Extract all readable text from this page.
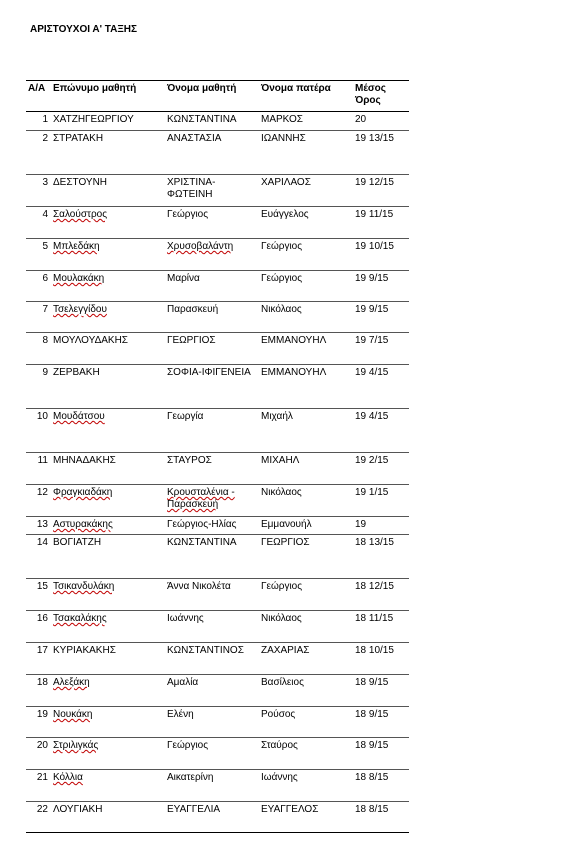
ΑΡΙΣΤΟΥΧΟΙ Α' ΤΑΞΗΣ
Α/Α	Επώνυμο μαθητή	Όνομα μαθητή	Όνομα πατέρα	Μέσος Όρος
1	ΧΑΤΖΗΓΕΩΡΓΙΟΥ	ΚΩΝΣΤΑΝΤΙΝΑ	ΜΑΡΚΟΣ	20
2	ΣΤΡΑΤΑΚΗ	ΑΝΑΣΤΑΣΙΑ	ΙΩΑΝΝΗΣ	19 13/15
3	ΔΕΣΤΟΥΝΗ	ΧΡΙΣΤΙΝΑ-ΦΩΤΕΙΝΗ	ΧΑΡΙΛΑΟΣ	19 12/15
4	Σαλούστρος	Γεώργιος	Ευάγγελος	19 11/15
5	Μπλεδάκη	Χρυσοβαλάντη	Γεώργιος	19 10/15
6	Μουλακάκη	Μαρίνα	Γεώργιος	19 9/15
7	Τσελεγγίδου	Παρασκευή	Νικόλαος	19 9/15
8	ΜΟΥΛΟΥΔΑΚΗΣ	ΓΕΩΡΓΙΟΣ	ΕΜΜΑΝΟΥΗΛ	19 7/15
9	ΖΕΡΒΑΚΗ	ΣΟΦΙΑ-ΙΦΙΓΕΝΕΙΑ	ΕΜΜΑΝΟΥΗΛ	19 4/15
10	Μουδάτσου	Γεωργία	Μιχαήλ	19 4/15
11	ΜΗΝΑΔΑΚΗΣ	ΣΤΑΥΡΟΣ	ΜΙΧΑΗΛ	19 2/15
12	Φραγκιαδάκη	Κρουσταλένια - Παρασκευή	Νικόλαος	19 1/15
13	Αστυρακάκης	Γεώργιος-Ηλίας	Εμμανουήλ	19
14	ΒΟΓΙΑΤΖΗ	ΚΩΝΣΤΑΝΤΙΝΑ	ΓΕΩΡΓΙΟΣ	18 13/15
15	Τσικανδυλάκη	Άννα Νικολέτα	Γεώργιος	18 12/15
16	Τσακαλάκης	Ιωάννης	Νικόλαος	18 11/15
17	ΚΥΡΙΑΚΑΚΗΣ	ΚΩΝΣΤΑΝΤΙΝΟΣ	ΖΑΧΑΡΙΑΣ	18 10/15
18	Αλεξάκη	Αμαλία	Βασίλειος	18 9/15
19	Νουκάκη	Ελένη	Ρούσος	18 9/15
20	Στριλιγκάς	Γεώργιος	Σταύρος	18 9/15
21	Κόλλια	Αικατερίνη	Ιωάννης	18 8/15
22	ΛΟΥΓΙΑΚΗ	ΕΥΑΓΓΕΛΙΑ	ΕΥΑΓΓΕΛΟΣ	18 8/15
